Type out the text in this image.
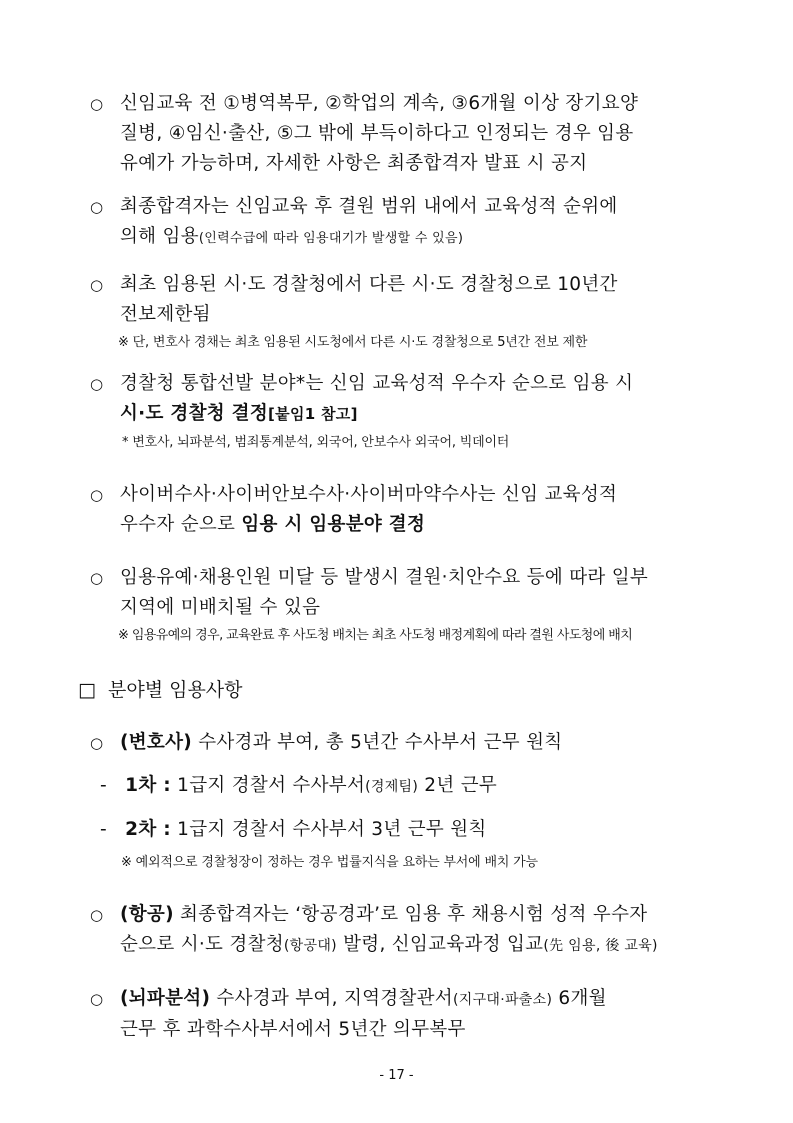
○ 신임교육 전 ①병역복무, ②학업의 계속, ③6개월 이상 장기요양
질병, ④임신·출산, ⑤그 밖에 부득이하다고 인정되는 경우 임용
유예가 가능하며, 자세한 사항은 최종합격자 발표 시 공지
○ 최종합격자는 신임교육 후 결원 범위 내에서 교육성적 순위에
의해 임용(인력수급에 따라 임용대기가 발생할 수 있음)
○ 최초 임용된 시·도 경찰청에서 다른 시·도 경찰청으로 10년간
전보제한됨
※ 단, 변호사 경채는 최초 임용된 시도청에서 다른 시·도 경찰청으로 5년간 전보 제한
○ 경찰청 통합선발 분야*는 신임 교육성적 우수자 순으로 임용 시
시·도 경찰청 결정[붙임1 참고]
* 변호사, 뇌파분석, 범죄통계분석, 외국어, 안보수사 외국어, 빅데이터
○ 사이버수사·사이버안보수사·사이버마약수사는 신임 교육성적
우수자 순으로 임용 시 임용분야 결정
○ 임용유예·채용인원 미달 등 발생시 결원·치안수요 등에 따라 일부
지역에 미배치될 수 있음
※ 임용유예의 경우, 교육완료 후 사도청 배치는 최초 사도청 배정계획에 따라 결원 사도청에 배치
□ 분야별 임용사항
○ (변호사) 수사경과 부여, 총 5년간 수사부서 근무 원칙
- 1차 : 1급지 경찰서 수사부서(경제팀) 2년 근무
- 2차 : 1급지 경찰서 수사부서 3년 근무 원칙
※ 예외적으로 경찰청장이 정하는 경우 법률지식을 요하는 부서에 배치 가능
○ (항공) 최종합격자는 ‘항공경과’로 임용 후 채용시험 성적 우수자
순으로 시·도 경찰청(항공대) 발령, 신임교육과정 입교(先 임용, 後 교육)
○ (뇌파분석) 수사경과 부여, 지역경찰관서(지구대·파출소) 6개월
근무 후 과학수사부서에서 5년간 의무복무
- 17 -
